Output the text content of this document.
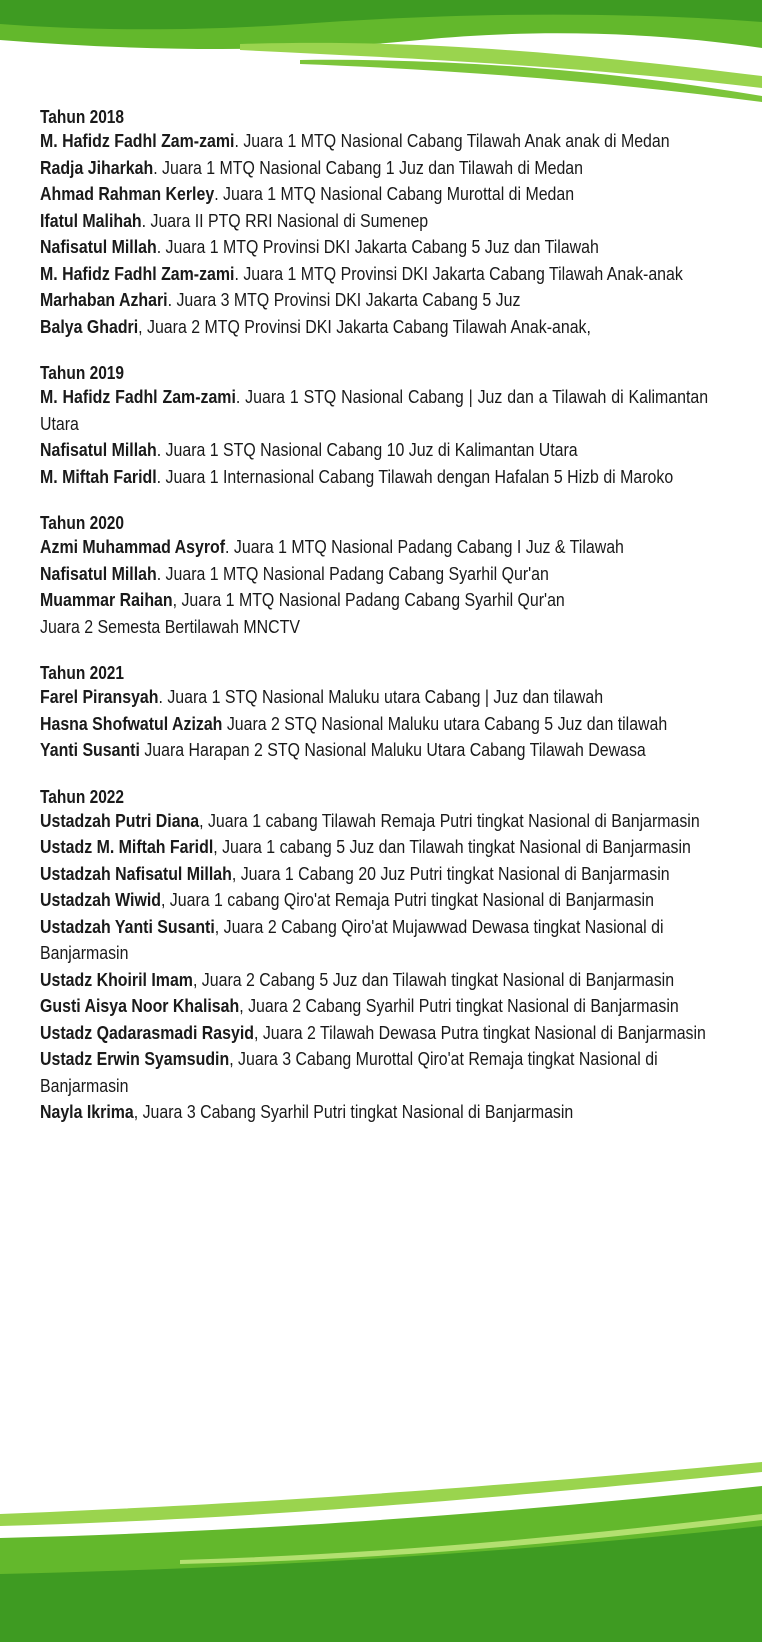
Tahun 2018
M. Hafidz Fadhl Zam-zami. Juara 1 MTQ Nasional Cabang Tilawah Anak anak di Medan
Radja Jiharkah. Juara 1 MTQ Nasional Cabang 1 Juz dan Tilawah di Medan
Ahmad Rahman Kerley. Juara 1 MTQ Nasional Cabang Murottal di Medan
Ifatul Malihah. Juara II PTQ RRI Nasional di Sumenep
Nafisatul Millah. Juara 1 MTQ Provinsi DKI Jakarta Cabang 5 Juz dan Tilawah
M. Hafidz Fadhl Zam-zami. Juara 1 MTQ Provinsi DKI Jakarta Cabang Tilawah Anak-anak
Marhaban Azhari. Juara 3 MTQ Provinsi DKI Jakarta Cabang 5 Juz
Balya Ghadri, Juara 2 MTQ Provinsi DKI Jakarta Cabang Tilawah Anak-anak,
Tahun 2019
M. Hafidz Fadhl Zam-zami. Juara 1 STQ Nasional Cabang | Juz dan a Tilawah di Kalimantan Utara
Nafisatul Millah. Juara 1 STQ Nasional Cabang 10 Juz di Kalimantan Utara
M. Miftah Faridl. Juara 1 Internasional Cabang Tilawah dengan Hafalan 5 Hizb di Maroko
Tahun 2020
Azmi Muhammad Asyrof. Juara 1 MTQ Nasional Padang Cabang I Juz & Tilawah
Nafisatul Millah. Juara 1 MTQ Nasional Padang Cabang Syarhil Qur'an
Muammar Raihan, Juara 1 MTQ Nasional Padang Cabang Syarhil Qur'an
Juara 2 Semesta Bertilawah MNCTV
Tahun 2021
Farel Piransyah. Juara 1 STQ Nasional Maluku utara Cabang | Juz dan tilawah
Hasna Shofwatul Azizah Juara 2 STQ Nasional Maluku utara Cabang 5 Juz dan tilawah
Yanti Susanti Juara Harapan 2 STQ Nasional Maluku Utara Cabang Tilawah Dewasa
Tahun 2022
Ustadzah Putri Diana, Juara 1 cabang Tilawah Remaja Putri tingkat Nasional di Banjarmasin
Ustadz M. Miftah Faridl, Juara 1 cabang 5 Juz dan Tilawah tingkat Nasional di Banjarmasin
Ustadzah Nafisatul Millah, Juara 1 Cabang 20 Juz Putri tingkat Nasional di Banjarmasin
Ustadzah Wiwid, Juara 1 cabang Qiro'at Remaja Putri tingkat Nasional di Banjarmasin
Ustadzah Yanti Susanti, Juara 2 Cabang Qiro'at Mujawwad Dewasa tingkat Nasional di Banjarmasin
Ustadz Khoiril Imam, Juara 2 Cabang 5 Juz dan Tilawah tingkat Nasional di Banjarmasin
Gusti Aisya Noor Khalisah, Juara 2 Cabang Syarhil Putri tingkat Nasional di Banjarmasin
Ustadz Qadarasmadi Rasyid, Juara 2 Tilawah Dewasa Putra tingkat Nasional di Banjarmasin
Ustadz Erwin Syamsudin, Juara 3 Cabang Murottal Qiro'at Remaja tingkat Nasional di Banjarmasin
Nayla Ikrima, Juara 3 Cabang Syarhil Putri tingkat Nasional di Banjarmasin
